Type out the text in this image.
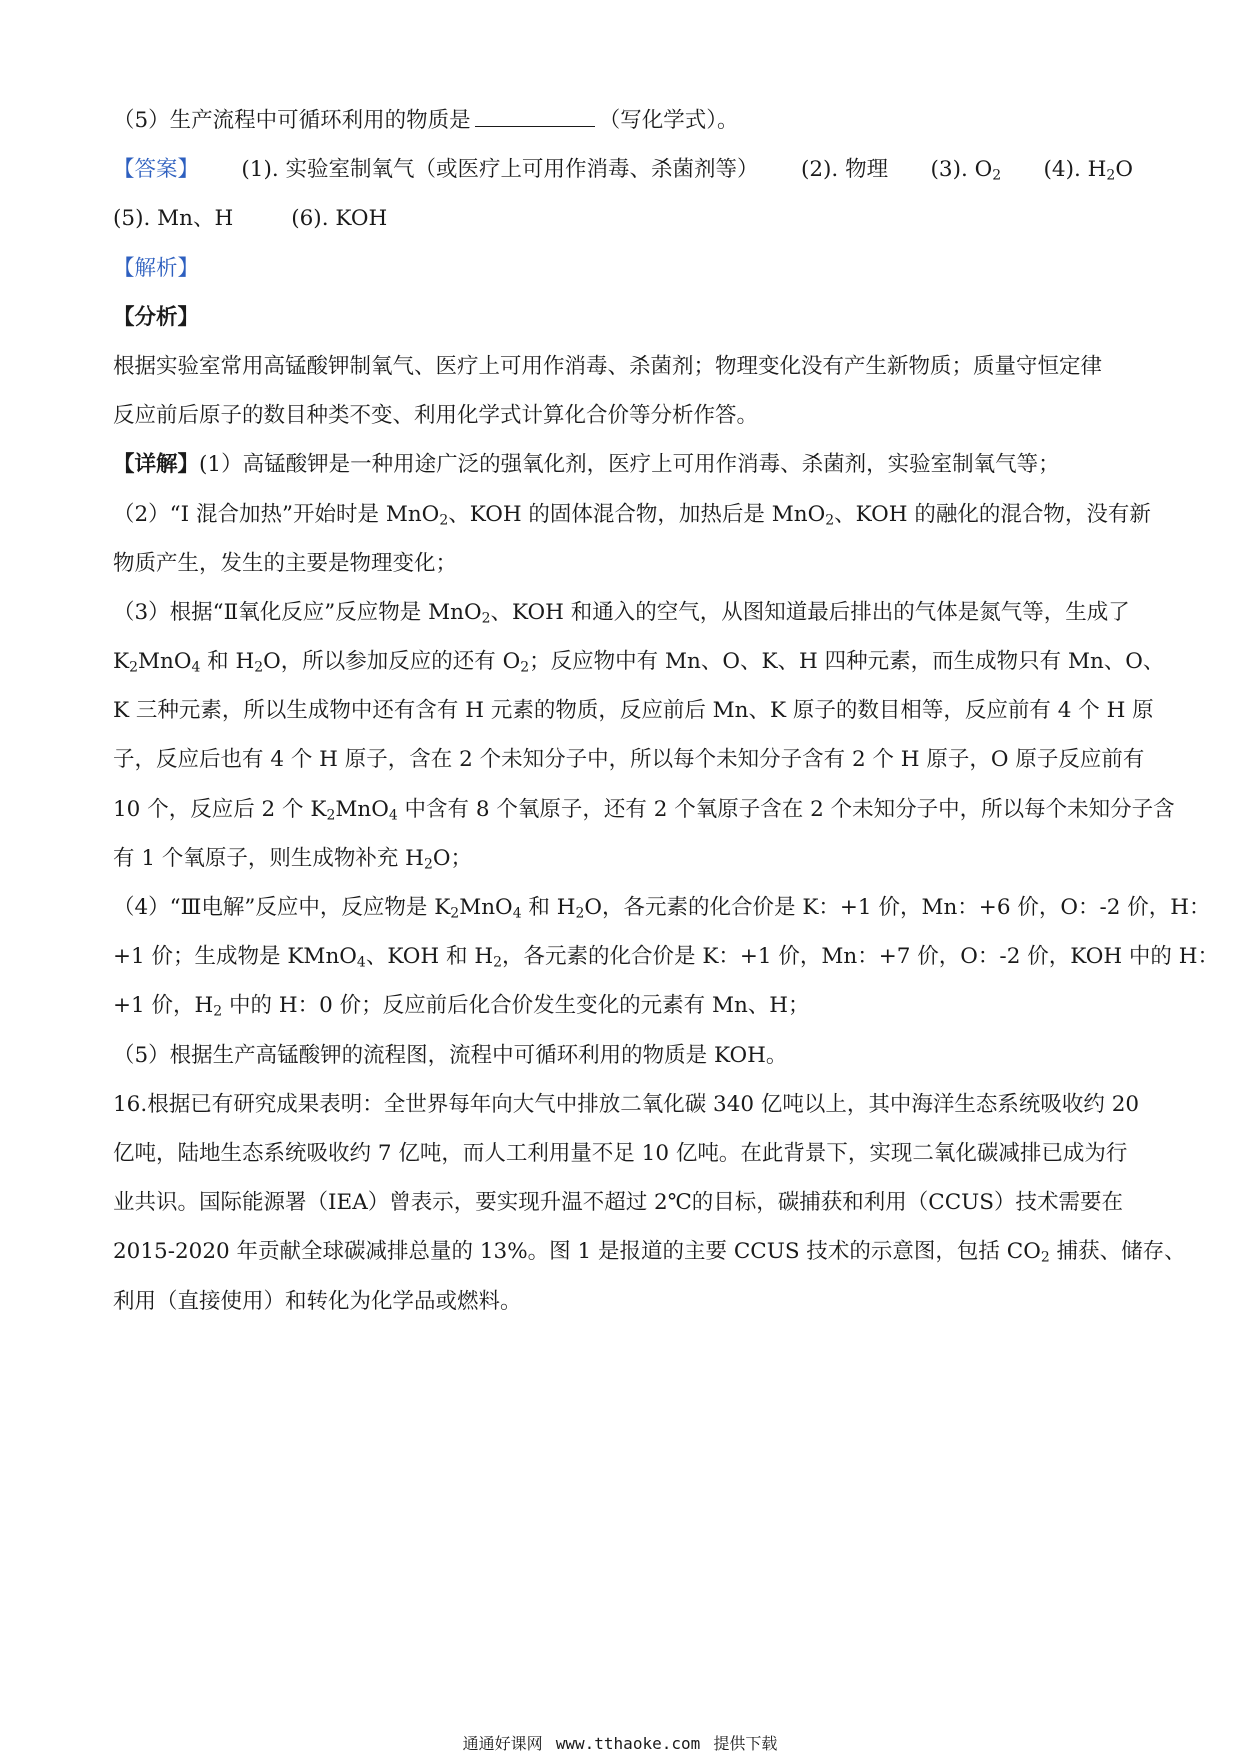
（5）生产流程中可循环利用的物质是	（写化学式）。
【答案】 (1). 实验室制氧气（或医疗上可用作消毒、杀菌剂等） (2). 物理 (3). $O_2$ (4). $H_2O$
(5). Mn、H	(6). KOH
【解析】
【分析】
根据实验室常用高锰酸钾制氧气、医疗上可用作消毒、杀菌剂；物理变化没有产生新物质；质量守恒定律
反应前后原子的数目种类不变、利用化学式计算化合价等分析作答。
【详解】(1）高锰酸钾是一种用途广泛的强氧化剂，医疗上可用作消毒、杀菌剂，实验室制氧气等；
（2）“I 混合加热”开始时是 MnO$_2$、KOH 的固体混合物，加热后是 MnO$_2$、KOH 的融化的混合物，没有新
物质产生，发生的主要是物理变化；
（3）根据“Ⅱ氧化反应”反应物是 MnO$_2$、KOH 和通入的空气，从图知道最后排出的气体是氮气等，生成了
$K_2MnO_4$ 和 $H_2O$，所以参加反应的还有 $O_2$；反应物中有 Mn、O、K、H 四种元素，而生成物只有 Mn、O、
K 三种元素，所以生成物中还有含有 H 元素的物质，反应前后 Mn、K 原子的数目相等，反应前有 4 个 H 原
子，反应后也有 4 个 H 原子，含在 2 个未知分子中，所以每个未知分子含有 2 个 H 原子，O 原子反应前有
10 个，反应后 2 个 $K_2MnO_4$ 中含有 8 个氧原子，还有 2 个氧原子含在 2 个未知分子中，所以每个未知分子含
有 1 个氧原子，则生成物补充 $H_2O$；
（4）“Ⅲ电解”反应中，反应物是 $K_2MnO_4$ 和 $H_2O$，各元素的化合价是 K：+1 价，Mn：+6 价，O：-2 价，H：
+1 价；生成物是 KMnO$_4$、KOH 和 $H_2$，各元素的化合价是 K：+1 价，Mn：+7 价，O：-2 价，KOH 中的 H：
+1 价，$H_2$ 中的 H：0 价；反应前后化合价发生变化的元素有 Mn、H；
（5）根据生产高锰酸钾的流程图，流程中可循环利用的物质是 KOH。
16.根据已有研究成果表明：全世界每年向大气中排放二氧化碳 340 亿吨以上，其中海洋生态系统吸收约 20
亿吨，陆地生态系统吸收约 7 亿吨，而人工利用量不足 10 亿吨。在此背景下，实现二氧化碳减排已成为行
业共识。国际能源署（IEA）曾表示，要实现升温不超过 2℃的目标，碳捕获和利用（CCUS）技术需要在
2015-2020 年贡献全球碳减排总量的 13%。图 1 是报道的主要 CCUS 技术的示意图，包括 $CO_2$ 捕获、储存、
利用（直接使用）和转化为化学品或燃料。
通通好课网 www.tthaoke.com 提供下载
